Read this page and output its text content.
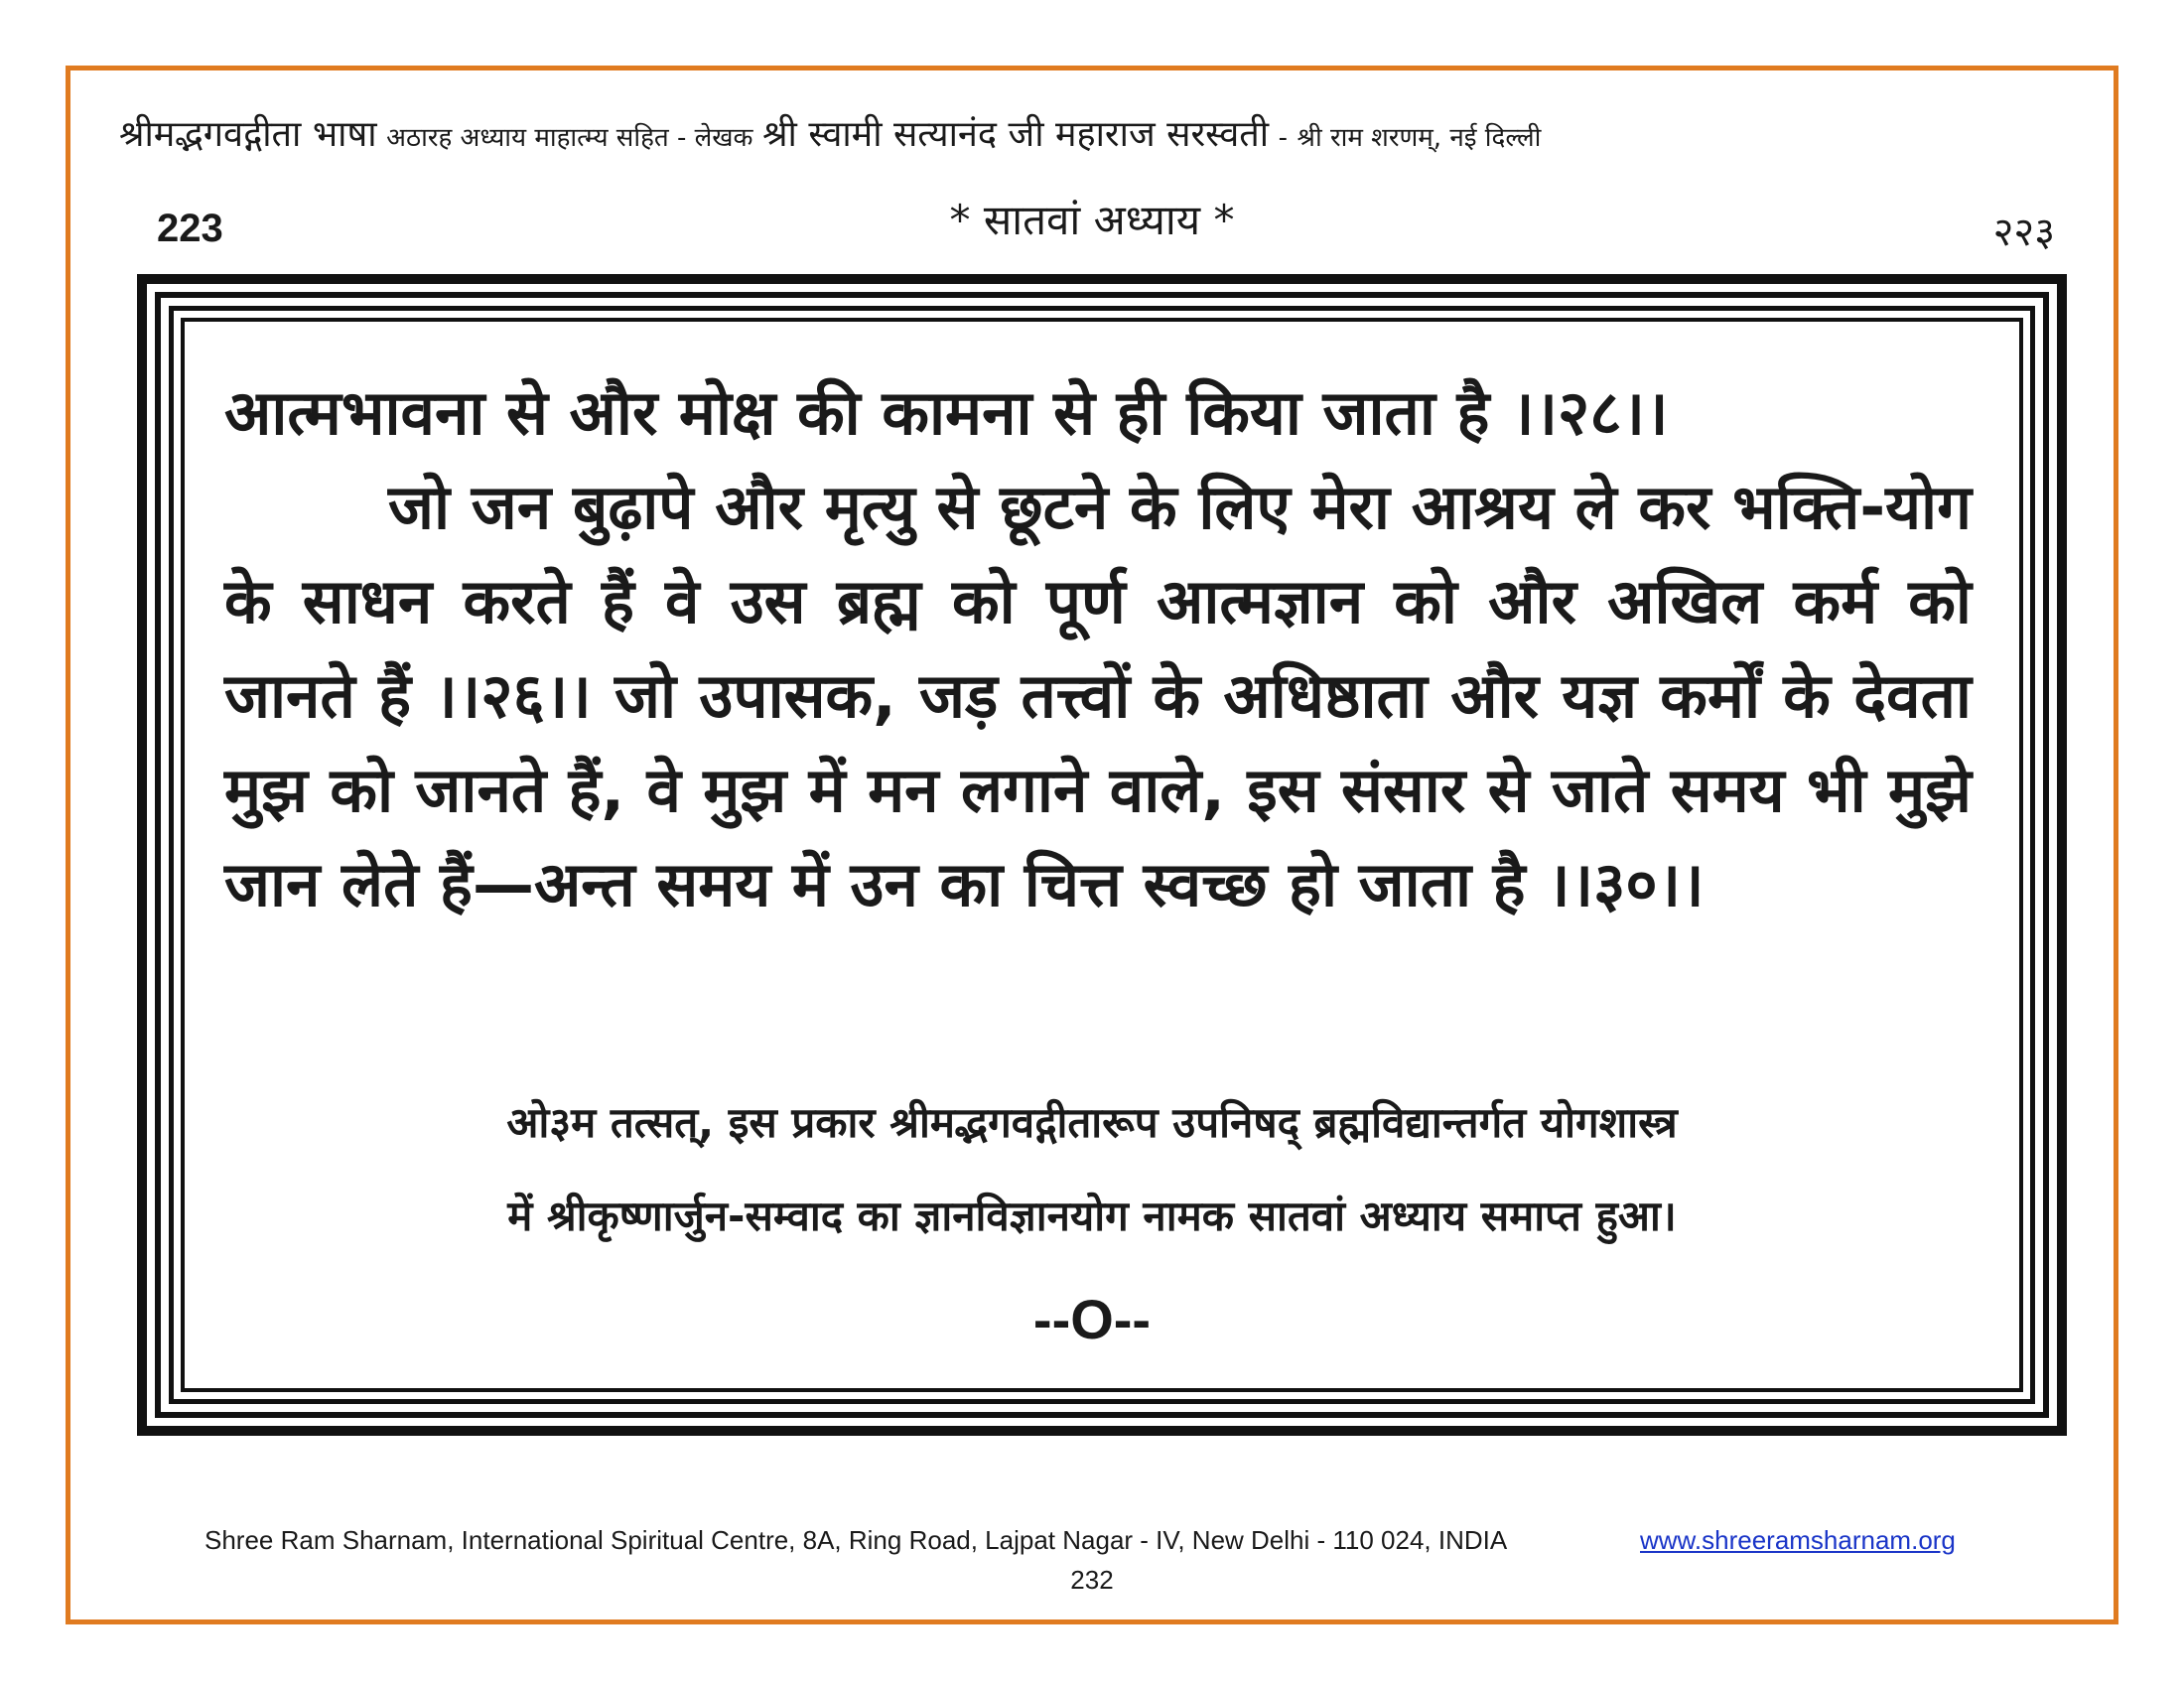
श्रीमद्भगवद्गीता भाषा अठारह अध्याय माहात्म्य सहित - लेखक श्री स्वामी सत्यानंद जी महाराज सरस्वती - श्री राम शरणम्, नई दिल्ली
223	* सातवां अध्याय *	२२३

आत्मभावना से और मोक्ष की कामना से ही किया जाता है ।।२८।।

जो जन बुढ़ापे और मृत्यु से छूटने के लिए मेरा आश्रय ले कर भक्ति-योग के साधन करते हैं वे उस ब्रह्म को पूर्ण आत्मज्ञान को और अखिल कर्म को जानते हैं ।।२६।। जो उपासक, जड़ तत्त्वों के अधिष्ठाता और यज्ञ कर्मों के देवता मुझ को जानते हैं, वे मुझ में मन लगाने वाले, इस संसार से जाते समय भी मुझे जान लेते हैं—अन्त समय में उन का चित्त स्वच्छ हो जाता है ।।३०।।

ओ३म तत्सत्, इस प्रकार श्रीमद्भगवद्गीतारूप उपनिषद् ब्रह्मविद्यान्तर्गत योगशास्त्र
में श्रीकृष्णार्जुन-सम्वाद का ज्ञानविज्ञानयोग नामक सातवां अध्याय समाप्त हुआ।
--O--
Shree Ram Sharnam, International Spiritual Centre, 8A, Ring Road, Lajpat Nagar - IV, New Delhi - 110 024, INDIA	www.shreeramsharnam.org
232
